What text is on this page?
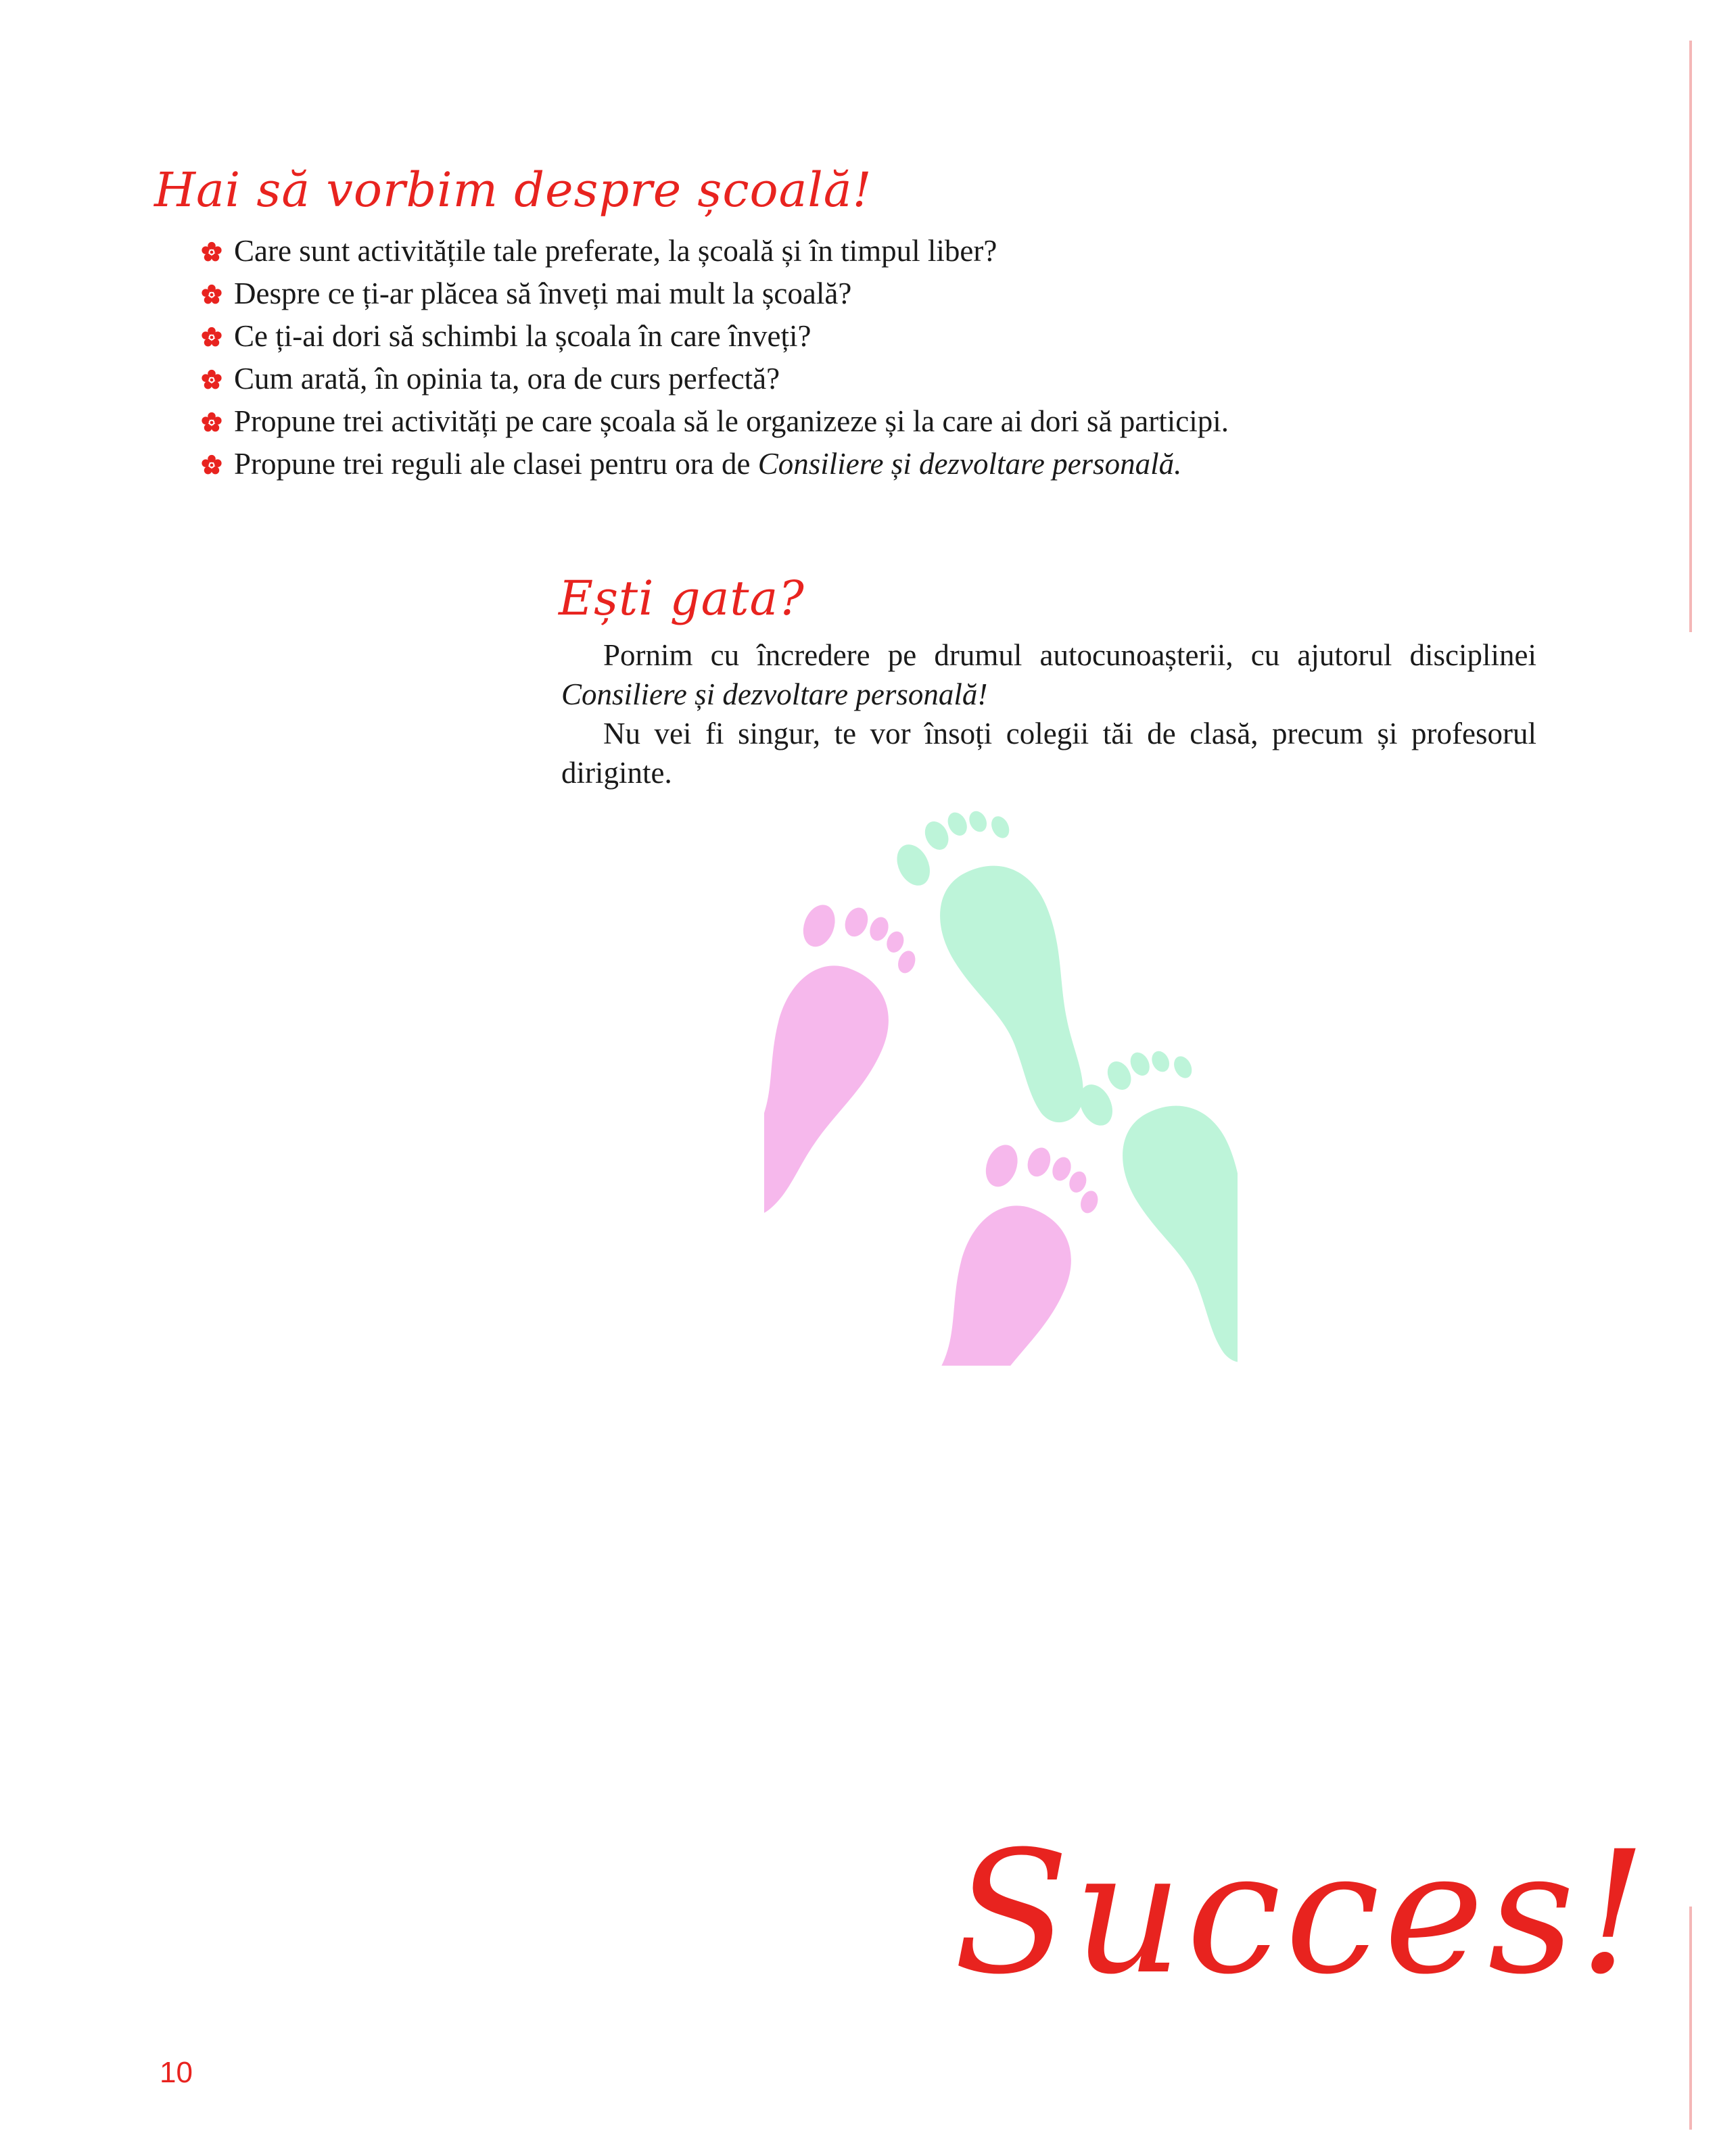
Hai să vorbim despre școală!
Care sunt activitățile tale preferate, la școală și în timpul liber?
Despre ce ți-ar plăcea să înveți mai mult la școală?
Ce ți-ai dori să schimbi la școala în care înveți?
Cum arată, în opinia ta, ora de curs perfectă?
Propune trei activități pe care școala să le organizeze și la care ai dori să participi.
Propune trei reguli ale clasei pentru ora de Consiliere și dezvoltare personală.
Ești gata?

Pornim cu încredere pe drumul autocunoașterii, cu ajutorul disciplinei Consiliere și dezvoltare personală!

Nu vei fi singur, te vor însoți colegii tăi de clasă, precum și profesorul diriginte.

Succes!
10
